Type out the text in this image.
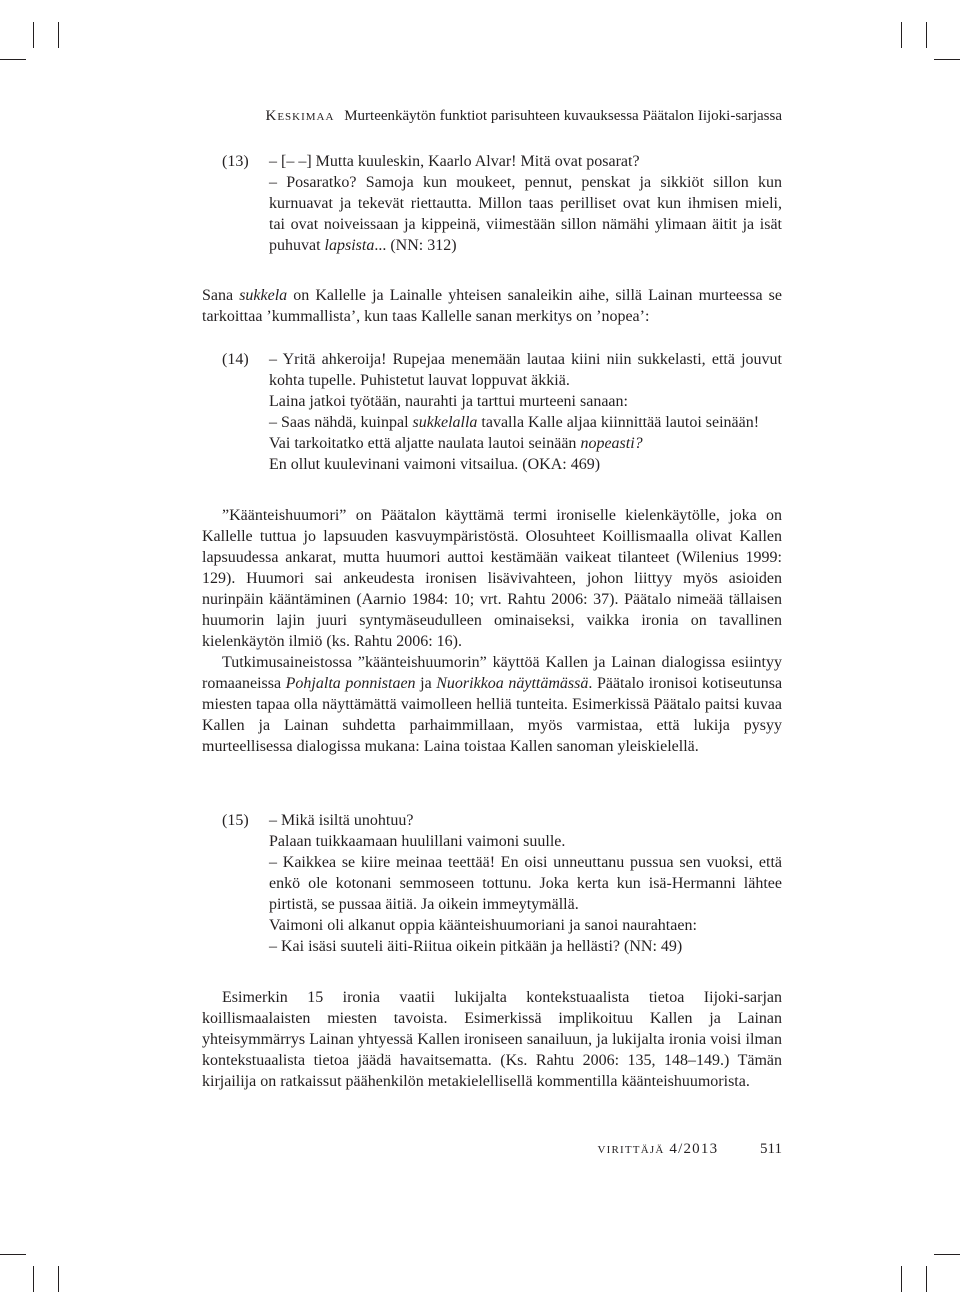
Keskimaa Murteenkäytön funktiot parisuhteen kuvauksessa Päätalon Iijoki-sarjassa
(13) – [– –] Mutta kuuleskin, Kaarlo Alvar! Mitä ovat posarat?
– Posaratko? Samoja kun moukeet, pennut, penskat ja sikkiöt sillon kun
kurnuavat ja tekevät riettautta. Millon taas perilliset ovat kun ihmisen mieli,
tai ovat noiveissaan ja kippeinä, viimestään sillon nämähi ylimaan äitit ja isät
puhuvat lapsista... (NN: 312)

Sana sukkela on Kallelle ja Lainalle yhteisen sanaleikin aihe, sillä Lainan murteessa se tarkoittaa ’kummallista’, kun taas Kallelle sanan merkitys on ’nopea’:

(14) – Yritä ahkeroija! Rupejaa menemään lautaa kiini niin sukkelasti, että jouvut
kohta tupelle. Puhistetut lauvat loppuvat äkkiä.
Laina jatkoi työtään, naurahti ja tarttui murteeni sanaan:
– Saas nähdä, kuinpal sukkelalla tavalla Kalle aljaa kiinnittää lautoi seinään!
Vai tarkoitatko että aljatte naulata lautoi seinään nopeasti?
En ollut kuulevinani vaimoni vitsailua. (OKA: 469)

”Käänteishuumori” on Päätalon käyttämä termi ironiselle kielenkäytölle, joka on Kallelle tuttua jo lapsuuden kasvuympäristöstä. Olosuhteet Koillismaalla olivat Kallen lapsuudessa ankarat, mutta huumori auttoi kestämään vaikeat tilanteet (Wilenius 1999: 129). Huumori sai ankeudesta ironisen lisävivahteen, johon liittyy myös asioiden nurinpäin kääntäminen (Aarnio 1984: 10; vrt. Rahtu 2006: 37). Päätalo nimeää tällaisen huumorin lajin juuri syntymäseudulleen ominaiseksi, vaikka ironia on tavallinen kielenkäytön ilmiö (ks. Rahtu 2006: 16).

Tutkimusaineistossa ”käänteishuumorin” käyttöä Kallen ja Lainan dialogissa esiintyy romaaneissa Pohjalta ponnistaen ja Nuorikkoa näyttämässä. Päätalo ironisoi kotiseutunsa miesten tapaa olla näyttämättä vaimolleen helliä tunteita. Esimerkissä Päätalo paitsi kuvaa Kallen ja Lainan suhdetta parhaimmillaan, myös varmistaa, että lukija pysyy murteellisessa dialogissa mukana: Laina toistaa Kallen sanoman yleiskielellä.

(15) – Mikä isiltä unohtuu?
Palaan tuikkaamaan huulillani vaimoni suulle.

– Kaikkea se kiire meinaa teettää! En oisi unneuttanu pussua sen vuoksi, että enkö ole kotonani semmoseen tottunu. Joka kerta kun isä-Hermanni lähtee pirtistä, se pussaa äitiä. Ja oikein immeytymällä.

Vaimoni oli alkanut oppia käänteishuumoriani ja sanoi naurahtaen:
– Kai isäsi suuteli äiti-Riitua oikein pitkään ja hellästi? (NN: 49)

Esimerkin 15 ironia vaatii lukijalta kontekstuaalista tietoa Iijoki-sarjan koillismaalaisten miesten tavoista. Esimerkissä implikoituu Kallen ja Lainan yhteisymmärrys Lainan yhtyessä Kallen ironiseen sanailuun, ja lukijalta ironia voisi ilman kontekstuaalista tietoa jäädä havaitsematta. (Ks. Rahtu 2006: 135, 148–149.) Tämän kirjailija on ratkaissut päähenkilön metakielellisellä kommentilla käänteishuumorista.

virittäjä 4/2013	511
